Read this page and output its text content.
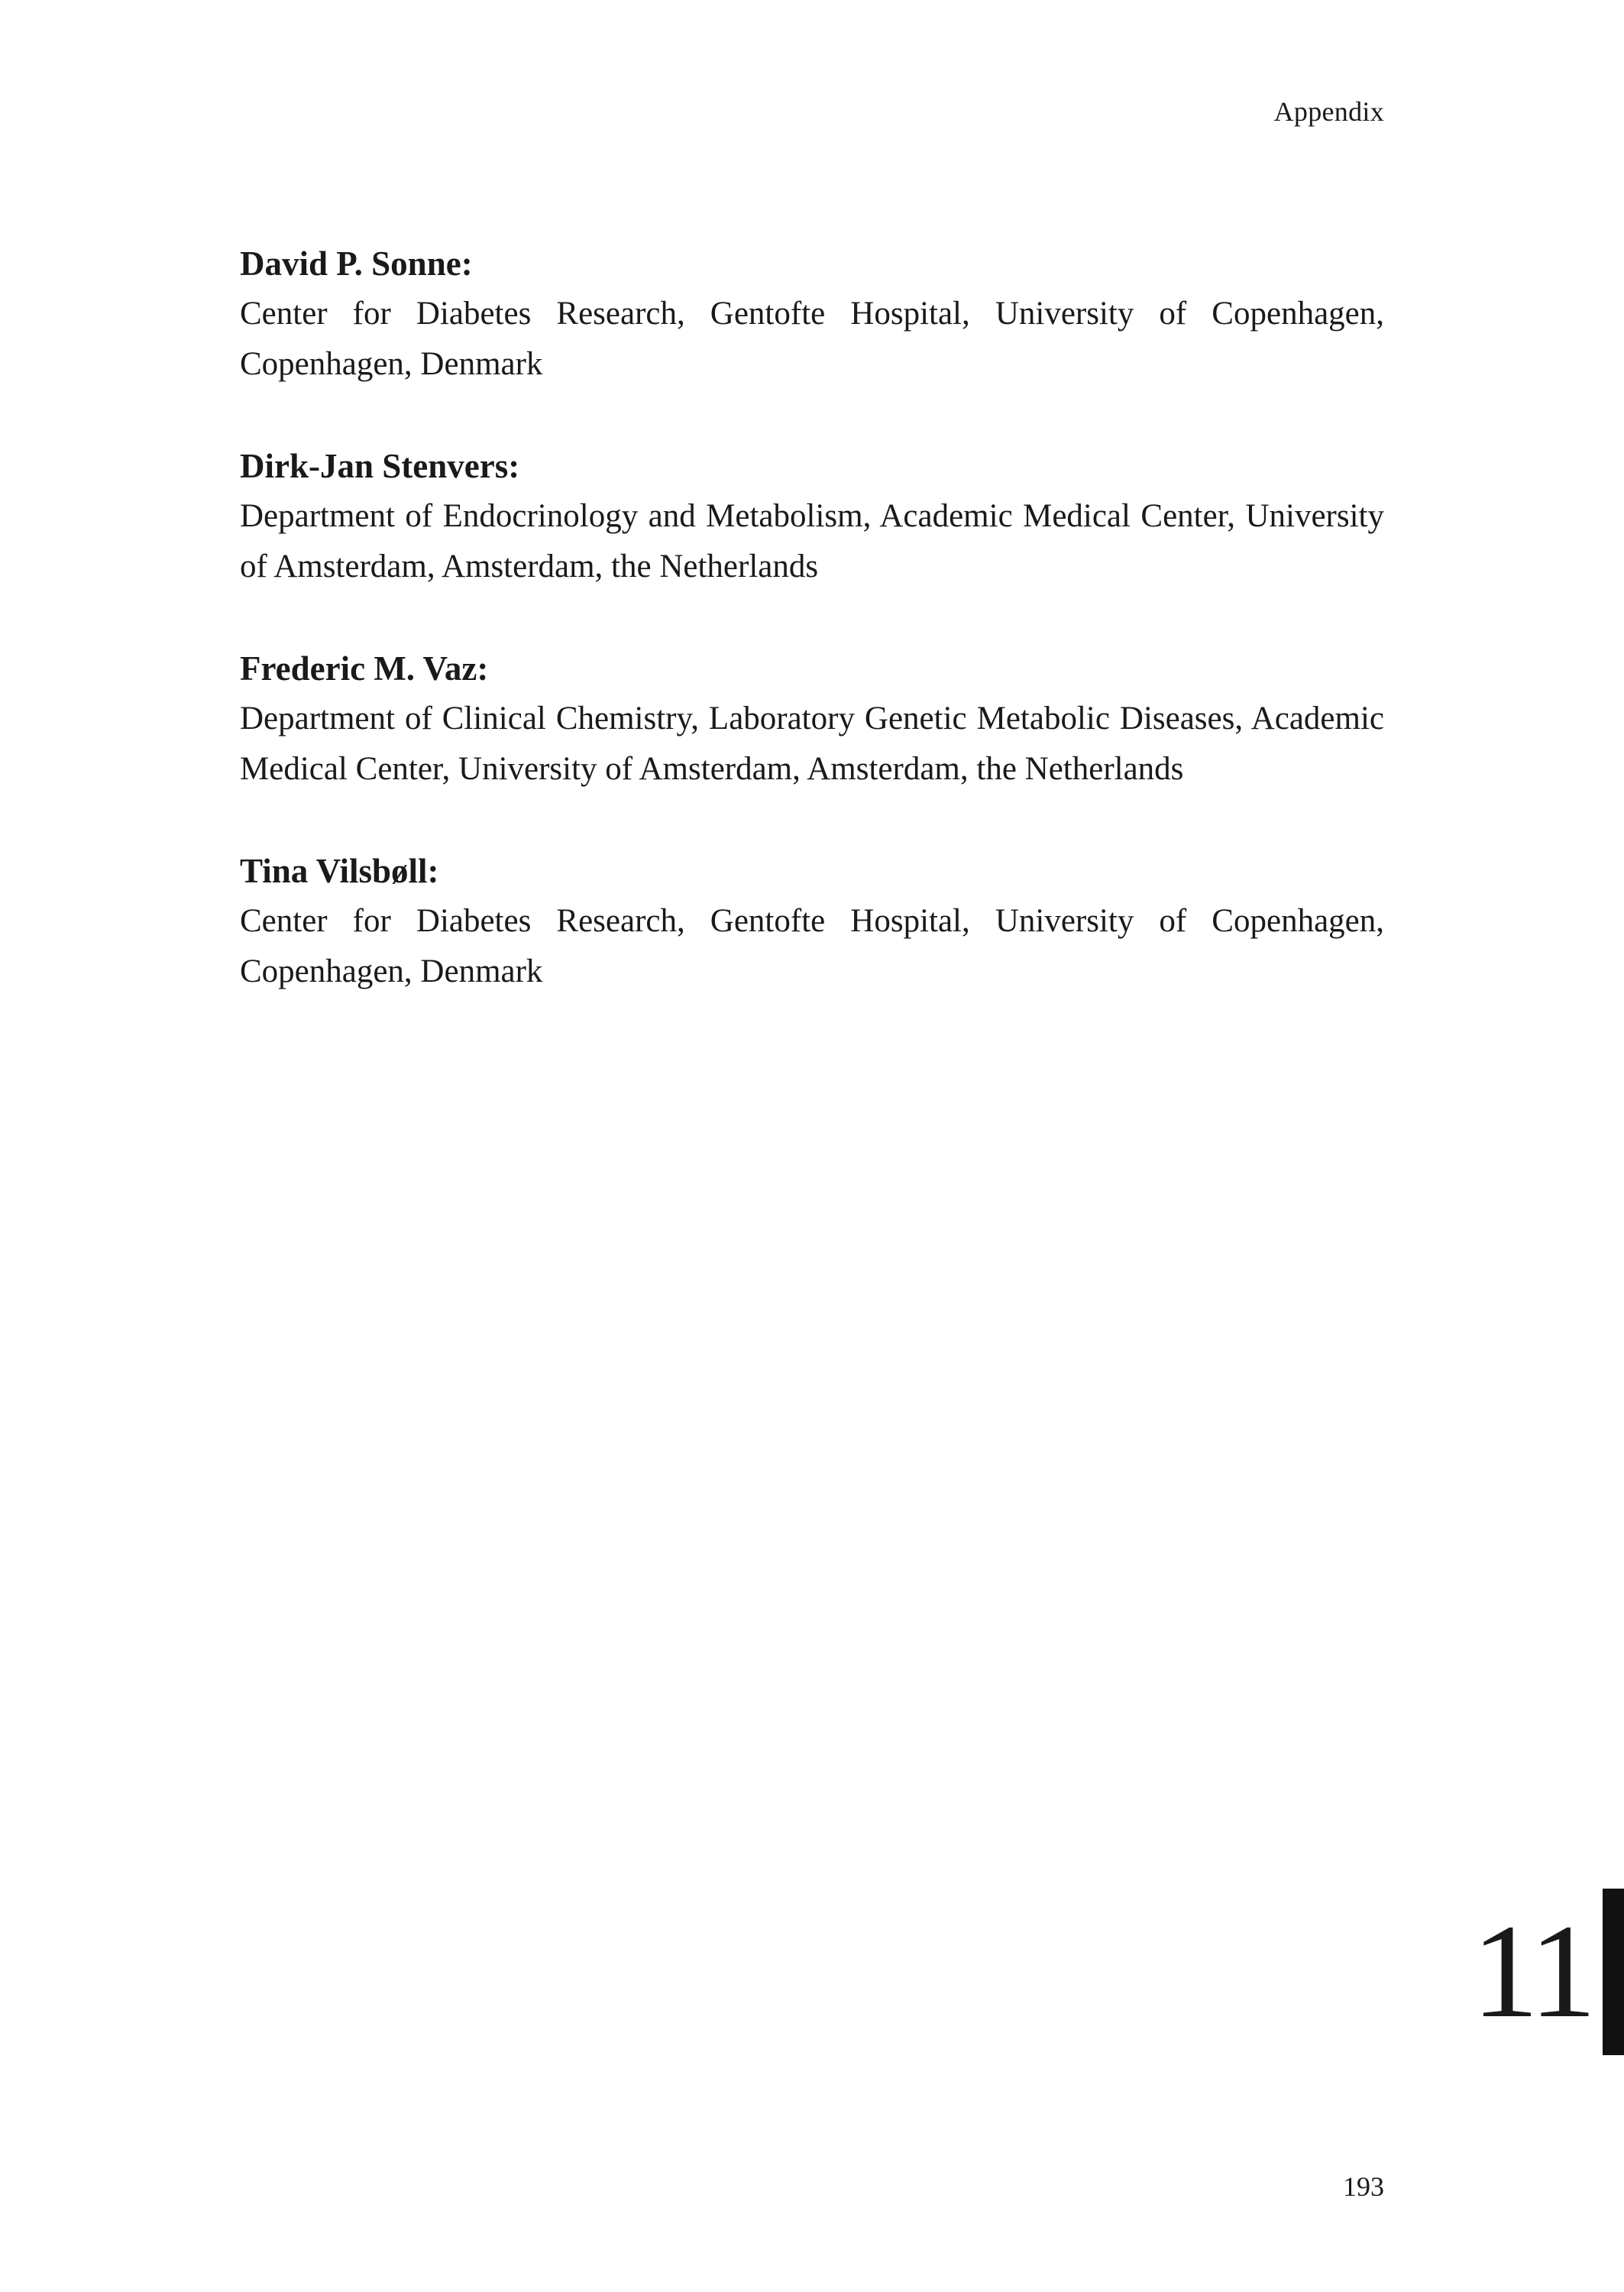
Appendix

David P. Sonne:

Center for Diabetes Research, Gentofte Hospital, University of Copenhagen, Copenhagen, Denmark

Dirk-Jan Stenvers:

Department of Endocrinology and Metabolism, Academic Medical Center, University of Amsterdam, Amsterdam, the Netherlands

Frederic M. Vaz:

Department of Clinical Chemistry, Laboratory Genetic Metabolic Diseases, Academic Medical Center, University of Amsterdam, Amsterdam, the Netherlands

Tina Vilsbøll:

Center for Diabetes Research, Gentofte Hospital, University of Copenhagen, Copenhagen, Denmark

11
193
